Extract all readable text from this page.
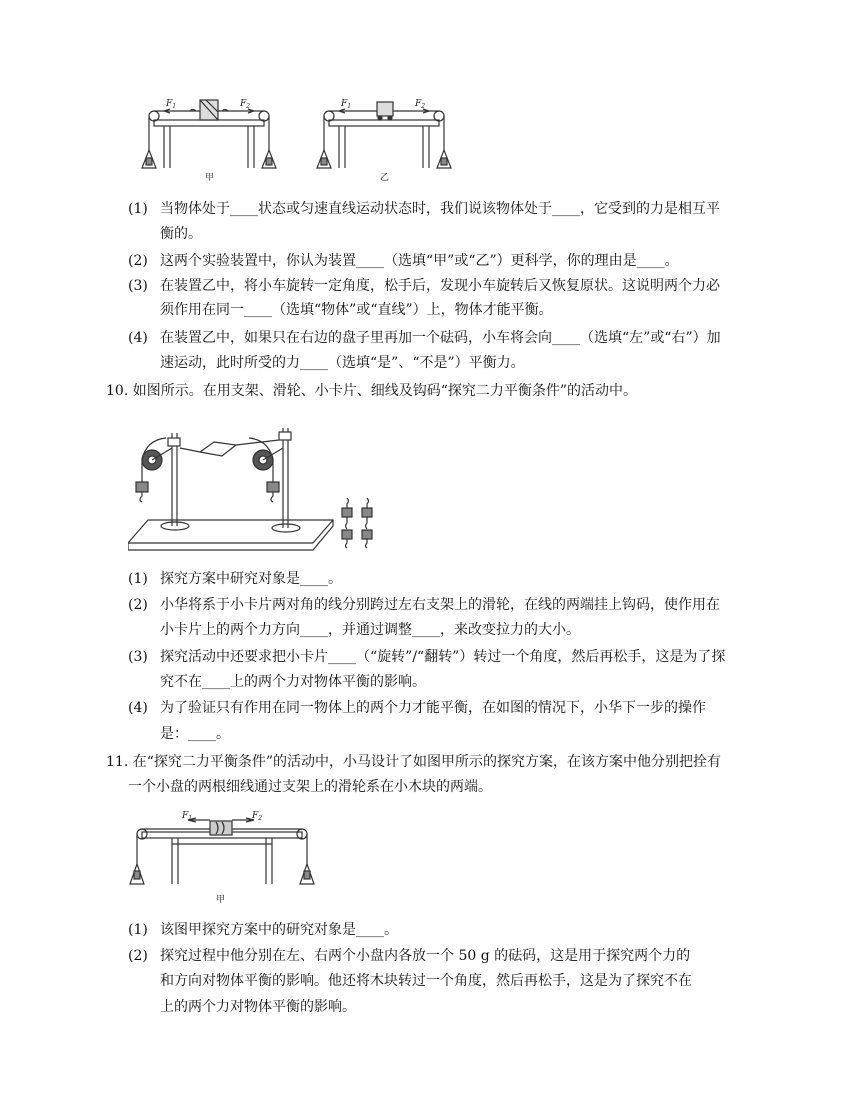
$F_1$	$F_2$
甲
$F_1$	$F_2$
乙
(1) 当物体处于____状态或匀速直线运动状态时，我们说该物体处于____，它受到的力是相互平
衡的。
(2) 这两个实验装置中，你认为装置____（选填“甲”或“乙”）更科学，你的理由是____。
(3) 在装置乙中，将小车旋转一定角度，松手后，发现小车旋转后又恢复原状。这说明两个力必
须作用在同一____（选填“物体”或“直线”）上，物体才能平衡。
(4) 在装置乙中，如果只在右边的盘子里再加一个砝码，小车将会向____（选填“左”或“右”）加
速运动，此时所受的力____（选填“是”、“不是”）平衡力。
10. 如图所示。在用支架、滑轮、小卡片、细线及钩码“探究二力平衡条件”的活动中。
(1) 探究方案中研究对象是____。
(2) 小华将系于小卡片两对角的线分别跨过左右支架上的滑轮，在线的两端挂上钩码，使作用在
小卡片上的两个力方向____，并通过调整____，来改变拉力的大小。
(3) 探究活动中还要求把小卡片____（“旋转”/“翻转”）转过一个角度，然后再松手，这是为了探
究不在____上的两个力对物体平衡的影响。
(4) 为了验证只有作用在同一物体上的两个力才能平衡，在如图的情况下，小华下一步的操作
是：____。
11. 在“探究二力平衡条件”的活动中，小马设计了如图甲所示的探究方案，在该方案中他分别把拴有
一个小盘的两根细线通过支架上的滑轮系在小木块的两端。
$F_1$	$F_2$
甲
(1) 该图甲探究方案中的研究对象是____。
(2) 探究过程中他分别在左、右两个小盘内各放一个 50 g 的砝码，这是用于探究两个力的
和方向对物体平衡的影响。他还将木块转过一个角度，然后再松手，这是为了探究不在
上的两个力对物体平衡的影响。
